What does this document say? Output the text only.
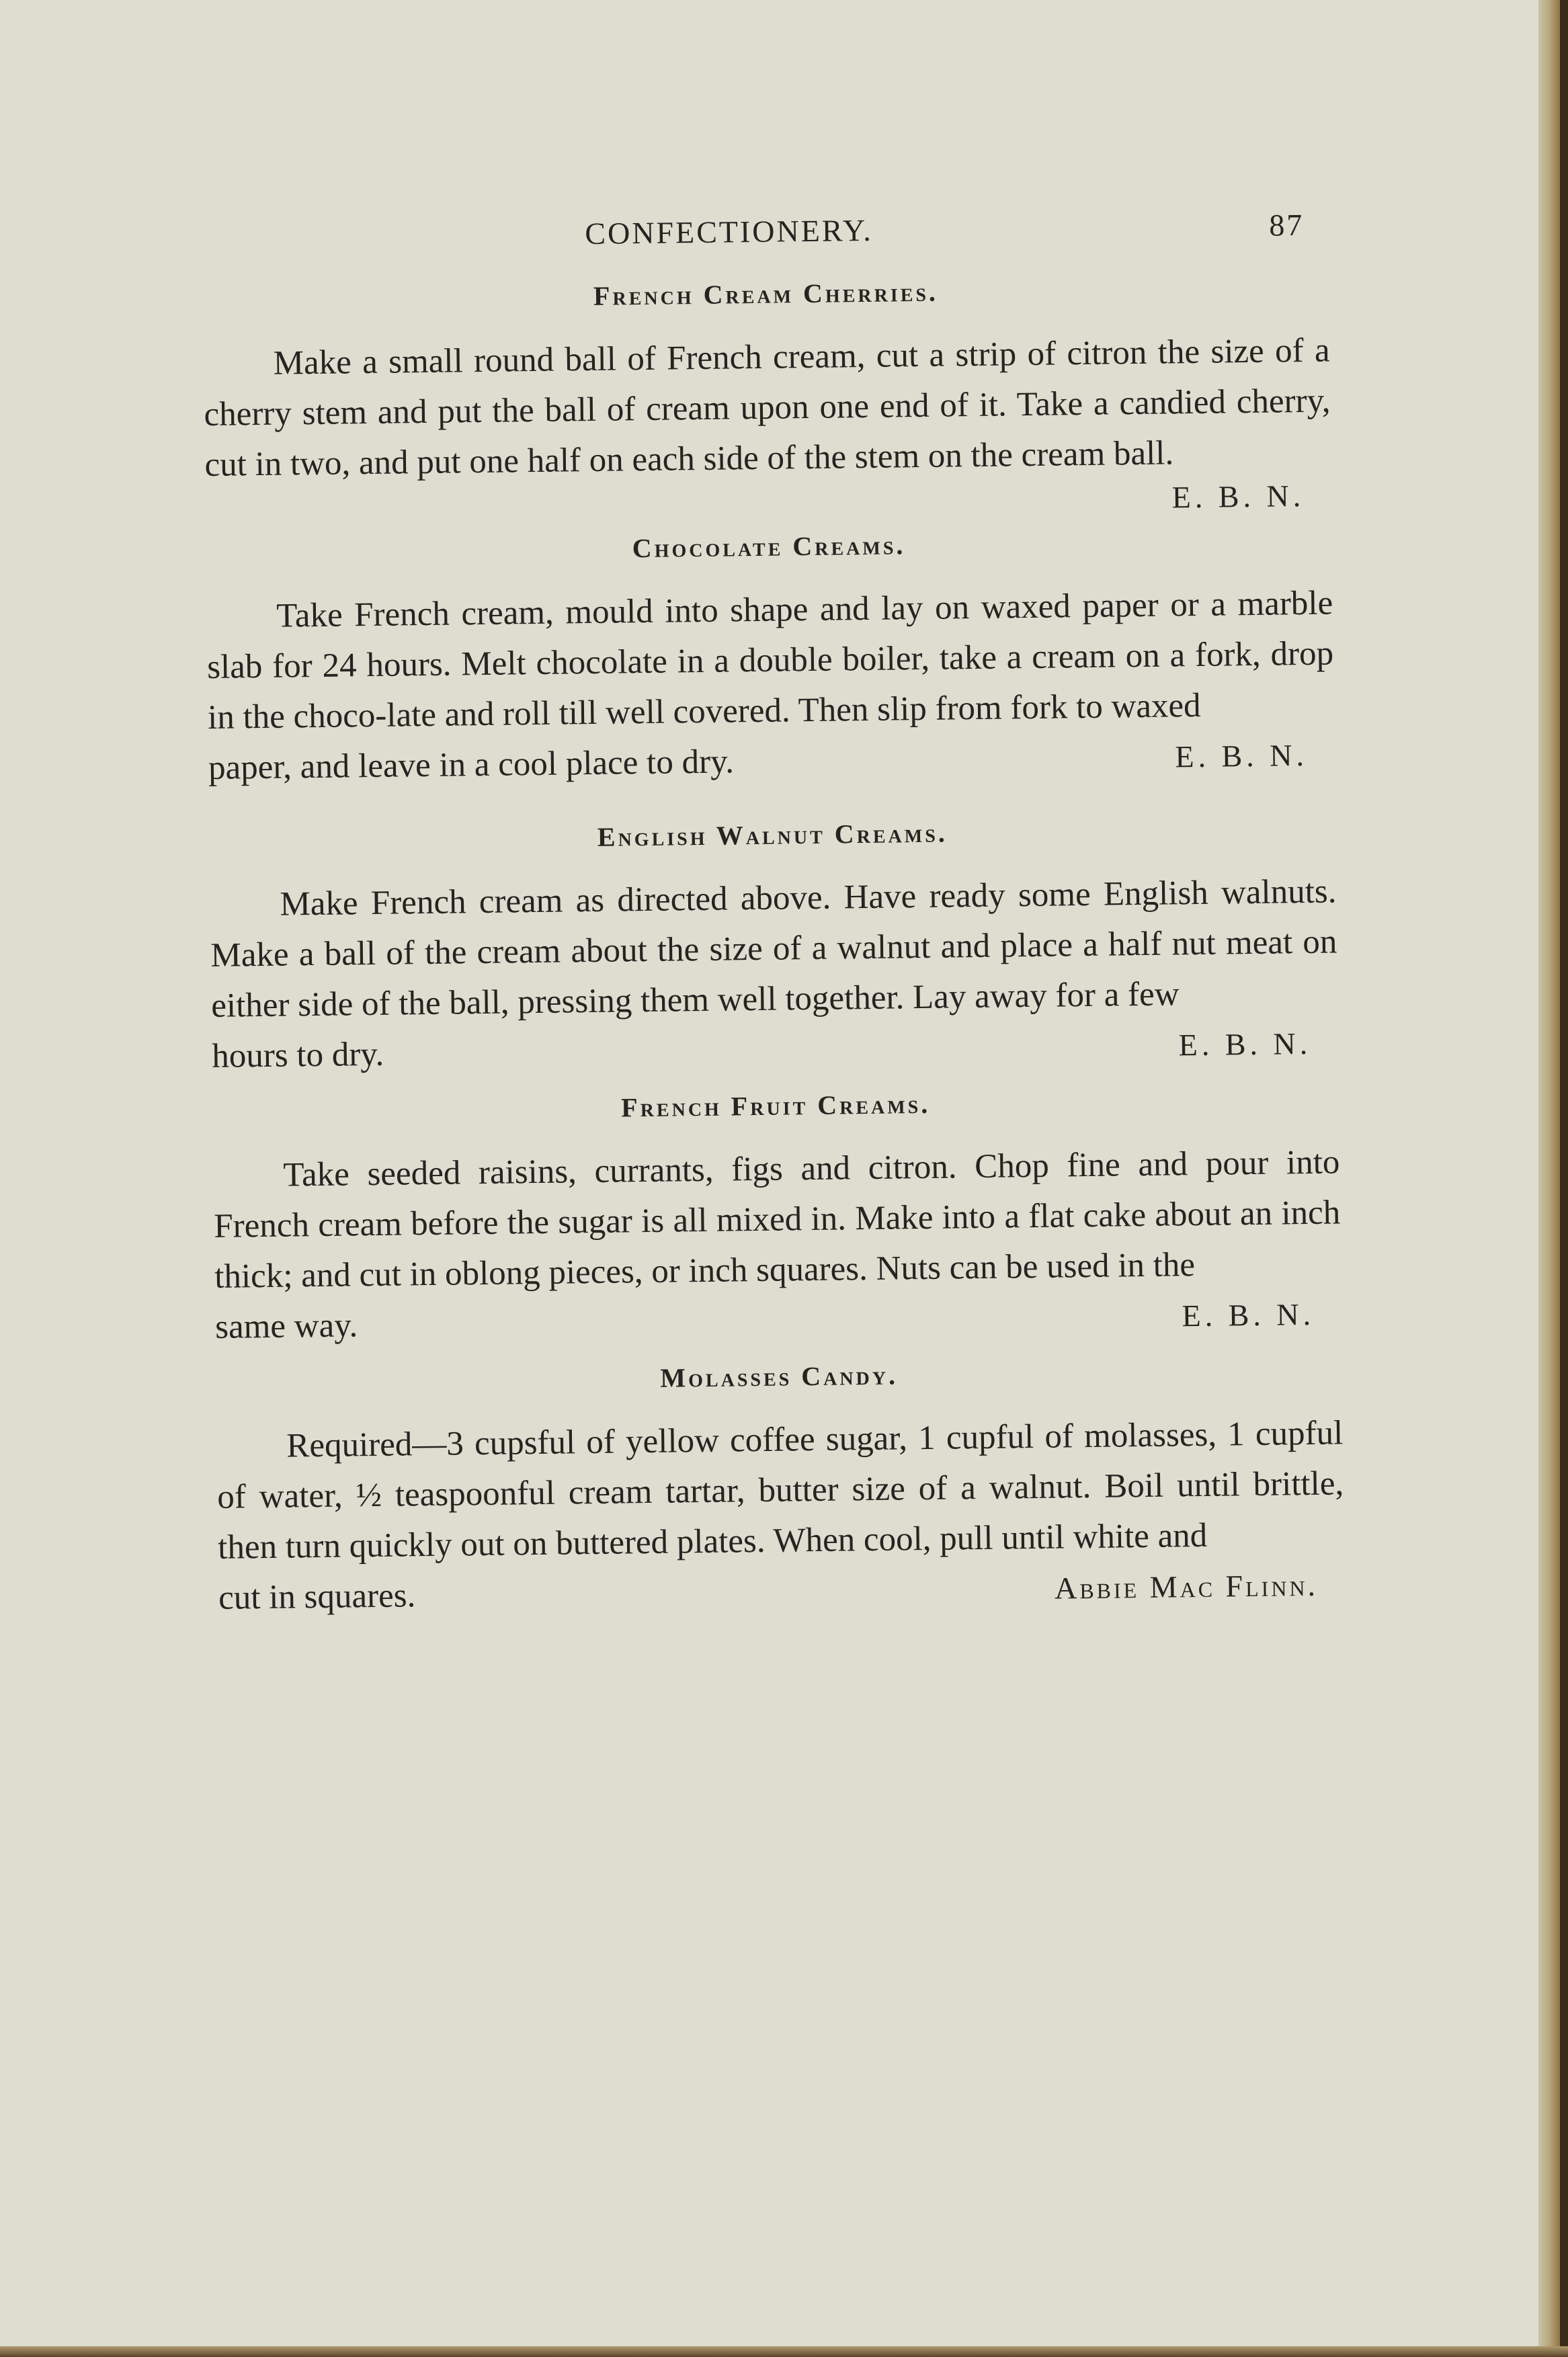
CONFECTIONERY.	87
French Cream Cherries.

Make a small round ball of French cream, cut a strip of citron the size of a cherry stem and put the ball of cream upon one end of it. Take a candied cherry, cut in two, and put one half on each side of the stem on the cream ball.

E. B. N.
Chocolate Creams.

Take French cream, mould into shape and lay on waxed paper or a marble slab for 24 hours. Melt chocolate in a double boiler, take a cream on a fork, drop in the choco-late and roll till well covered. Then slip from fork to waxed

paper, and leave in a cool place to dry.	E. B. N.
English Walnut Creams.

Make French cream as directed above. Have ready some English walnuts. Make a ball of the cream about the size of a walnut and place a half nut meat on either side of the ball, pressing them well together. Lay away for a few

hours to dry.	E. B. N.
French Fruit Creams.

Take seeded raisins, currants, figs and citron. Chop fine and pour into French cream before the sugar is all mixed in. Make into a flat cake about an inch thick; and cut in oblong pieces, or inch squares. Nuts can be used in the

same way.	E. B. N.
Molasses Candy.

Required—3 cupsful of yellow coffee sugar, 1 cupful of molasses, 1 cupful of water, ½ teaspoonful cream tartar, butter size of a walnut. Boil until brittle, then turn quickly out on buttered plates. When cool, pull until white and

cut in squares.	Abbie Mac Flinn.
